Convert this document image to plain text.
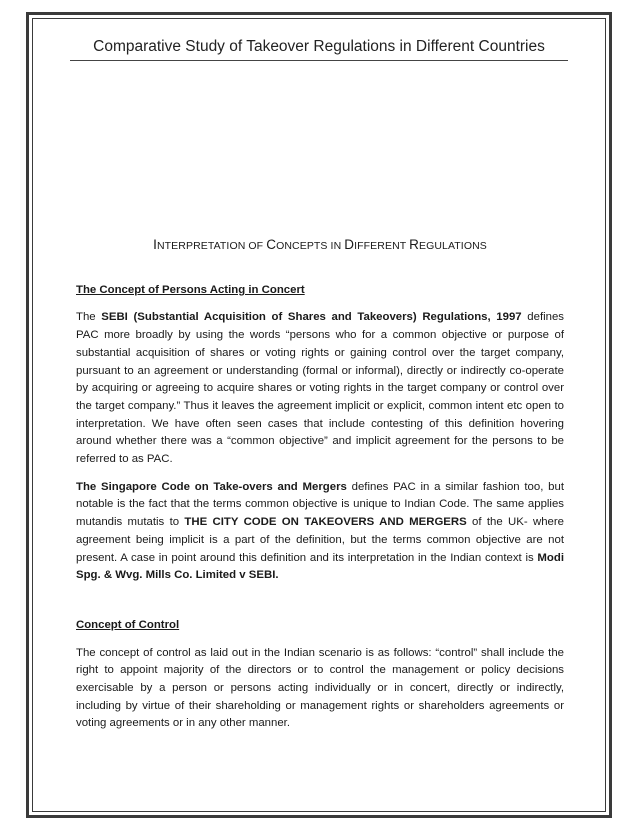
Comparative Study of Takeover Regulations in Different Countries
INTERPRETATION OF CONCEPTS IN DIFFERENT REGULATIONS
The Concept of Persons Acting in Concert

The SEBI (Substantial Acquisition of Shares and Takeovers) Regulations, 1997 defines PAC more broadly by using the words “persons who for a common objective or purpose of substantial acquisition of shares or voting rights or gaining control over the target company, pursuant to an agreement or understanding (formal or informal), directly or indirectly co-operate by acquiring or agreeing to acquire shares or voting rights in the target company or control over the target company.” Thus it leaves the agreement implicit or explicit, common intent etc open to interpretation. We have often seen cases that include contesting of this definition hovering around whether there was a “common objective” and implicit agreement for the persons to be referred to as PAC.

The Singapore Code on Take-overs and Mergers defines PAC in a similar fashion too, but notable is the fact that the terms common objective is unique to Indian Code. The same applies mutandis mutatis to THE CITY CODE ON TAKEOVERS AND MERGERS of the UK- where agreement being implicit is a part of the definition, but the terms common objective are not present. A case in point around this definition and its interpretation in the Indian context is Modi Spg. & Wvg. Mills Co. Limited v SEBI.

Concept of Control

The concept of control as laid out in the Indian scenario is as follows: “control” shall include the right to appoint majority of the directors or to control the management or policy decisions exercisable by a person or persons acting individually or in concert, directly or indirectly, including by virtue of their shareholding or management rights or shareholders agreements or voting agreements or in any other manner.
